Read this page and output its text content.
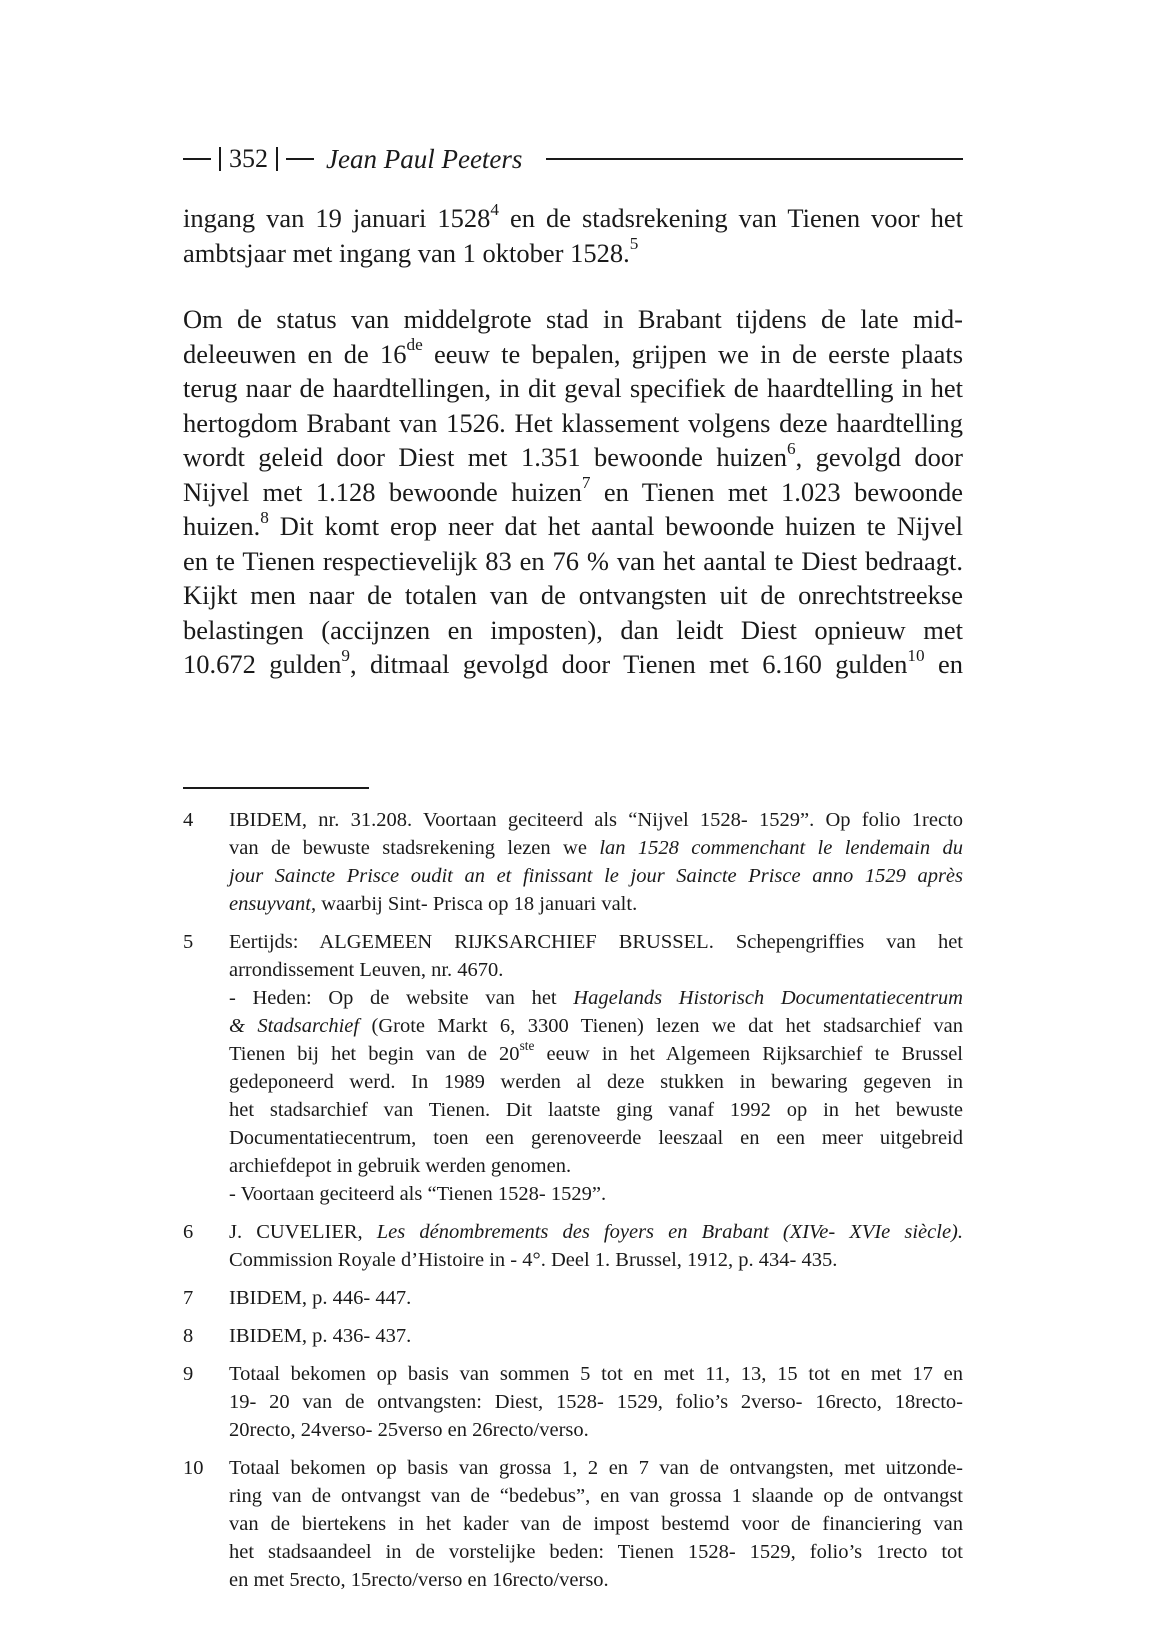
352 Jean Paul Peeters

ingang van 19 januari 1528$^4$ en de stadsrekening van Tienen voor het
ambtsjaar met ingang van 1 oktober 1528.$^5$

Om de status van middelgrote stad in Brabant tijdens de late mid-
deleeuwen en de 16de eeuw te bepalen, grijpen we in de eerste plaats
terug naar de haardtellingen, in dit geval specifiek de haardtelling in het
hertogdom Brabant van 1526. Het klassement volgens deze haardtelling
wordt geleid door Diest met 1.351 bewoonde huizen$^6$, gevolgd door
Nijvel met 1.128 bewoonde huizen$^7$ en Tienen met 1.023 bewoonde
huizen.$^8$ Dit komt erop neer dat het aantal bewoonde huizen te Nijvel
en te Tienen respectievelijk 83 en 76 % van het aantal te Diest bedraagt.
Kijkt men naar de totalen van de ontvangsten uit de onrechtstreekse
belastingen (accijnzen en imposten), dan leidt Diest opnieuw met
10.672 gulden$^9$, ditmaal gevolgd door Tienen met 6.160 gulden$^{10}$ en

4	IBIDEM, nr. 31.208. Voortaan geciteerd als “Nijvel 1528- 1529”. Op folio 1recto
van de bewuste stadsrekening lezen we lan 1528 commenchant le lendemain du
jour Saincte Prisce oudit an et finissant le jour Saincte Prisce anno 1529 après
ensuyvant, waarbij Sint- Prisca op 18 januari valt.
5	Eertijds: ALGEMEEN RIJKSARCHIEF BRUSSEL. Schepengriffies van het
arrondissement Leuven, nr. 4670.
- Heden: Op de website van het Hagelands Historisch Documentatiecentrum
& Stadsarchief (Grote Markt 6, 3300 Tienen) lezen we dat het stadsarchief van
Tienen bij het begin van de 20ste eeuw in het Algemeen Rijksarchief te Brussel
gedeponeerd werd. In 1989 werden al deze stukken in bewaring gegeven in
het stadsarchief van Tienen. Dit laatste ging vanaf 1992 op in het bewuste
Documentatiecentrum, toen een gerenoveerde leeszaal en een meer uitgebreid
archiefdepot in gebruik werden genomen.
- Voortaan geciteerd als “Tienen 1528- 1529”.
6	J. CUVELIER, Les dénombrements des foyers en Brabant (XIVe- XVIe siècle).
Commission Royale d’Histoire in - 4°. Deel 1. Brussel, 1912, p. 434- 435.
7	IBIDEM, p. 446- 447.
8	IBIDEM, p. 436- 437.
9	Totaal bekomen op basis van sommen 5 tot en met 11, 13, 15 tot en met 17 en
19- 20 van de ontvangsten: Diest, 1528- 1529, folio’s 2verso- 16recto, 18recto-
20recto, 24verso- 25verso en 26recto/verso.
10	Totaal bekomen op basis van grossa 1, 2 en 7 van de ontvangsten, met uitzonde-
ring van de ontvangst van de “bedebus”, en van grossa 1 slaande op de ontvangst
van de biertekens in het kader van de impost bestemd voor de financiering van
het stadsaandeel in de vorstelijke beden: Tienen 1528- 1529, folio’s 1recto tot
en met 5recto, 15recto/verso en 16recto/verso.
